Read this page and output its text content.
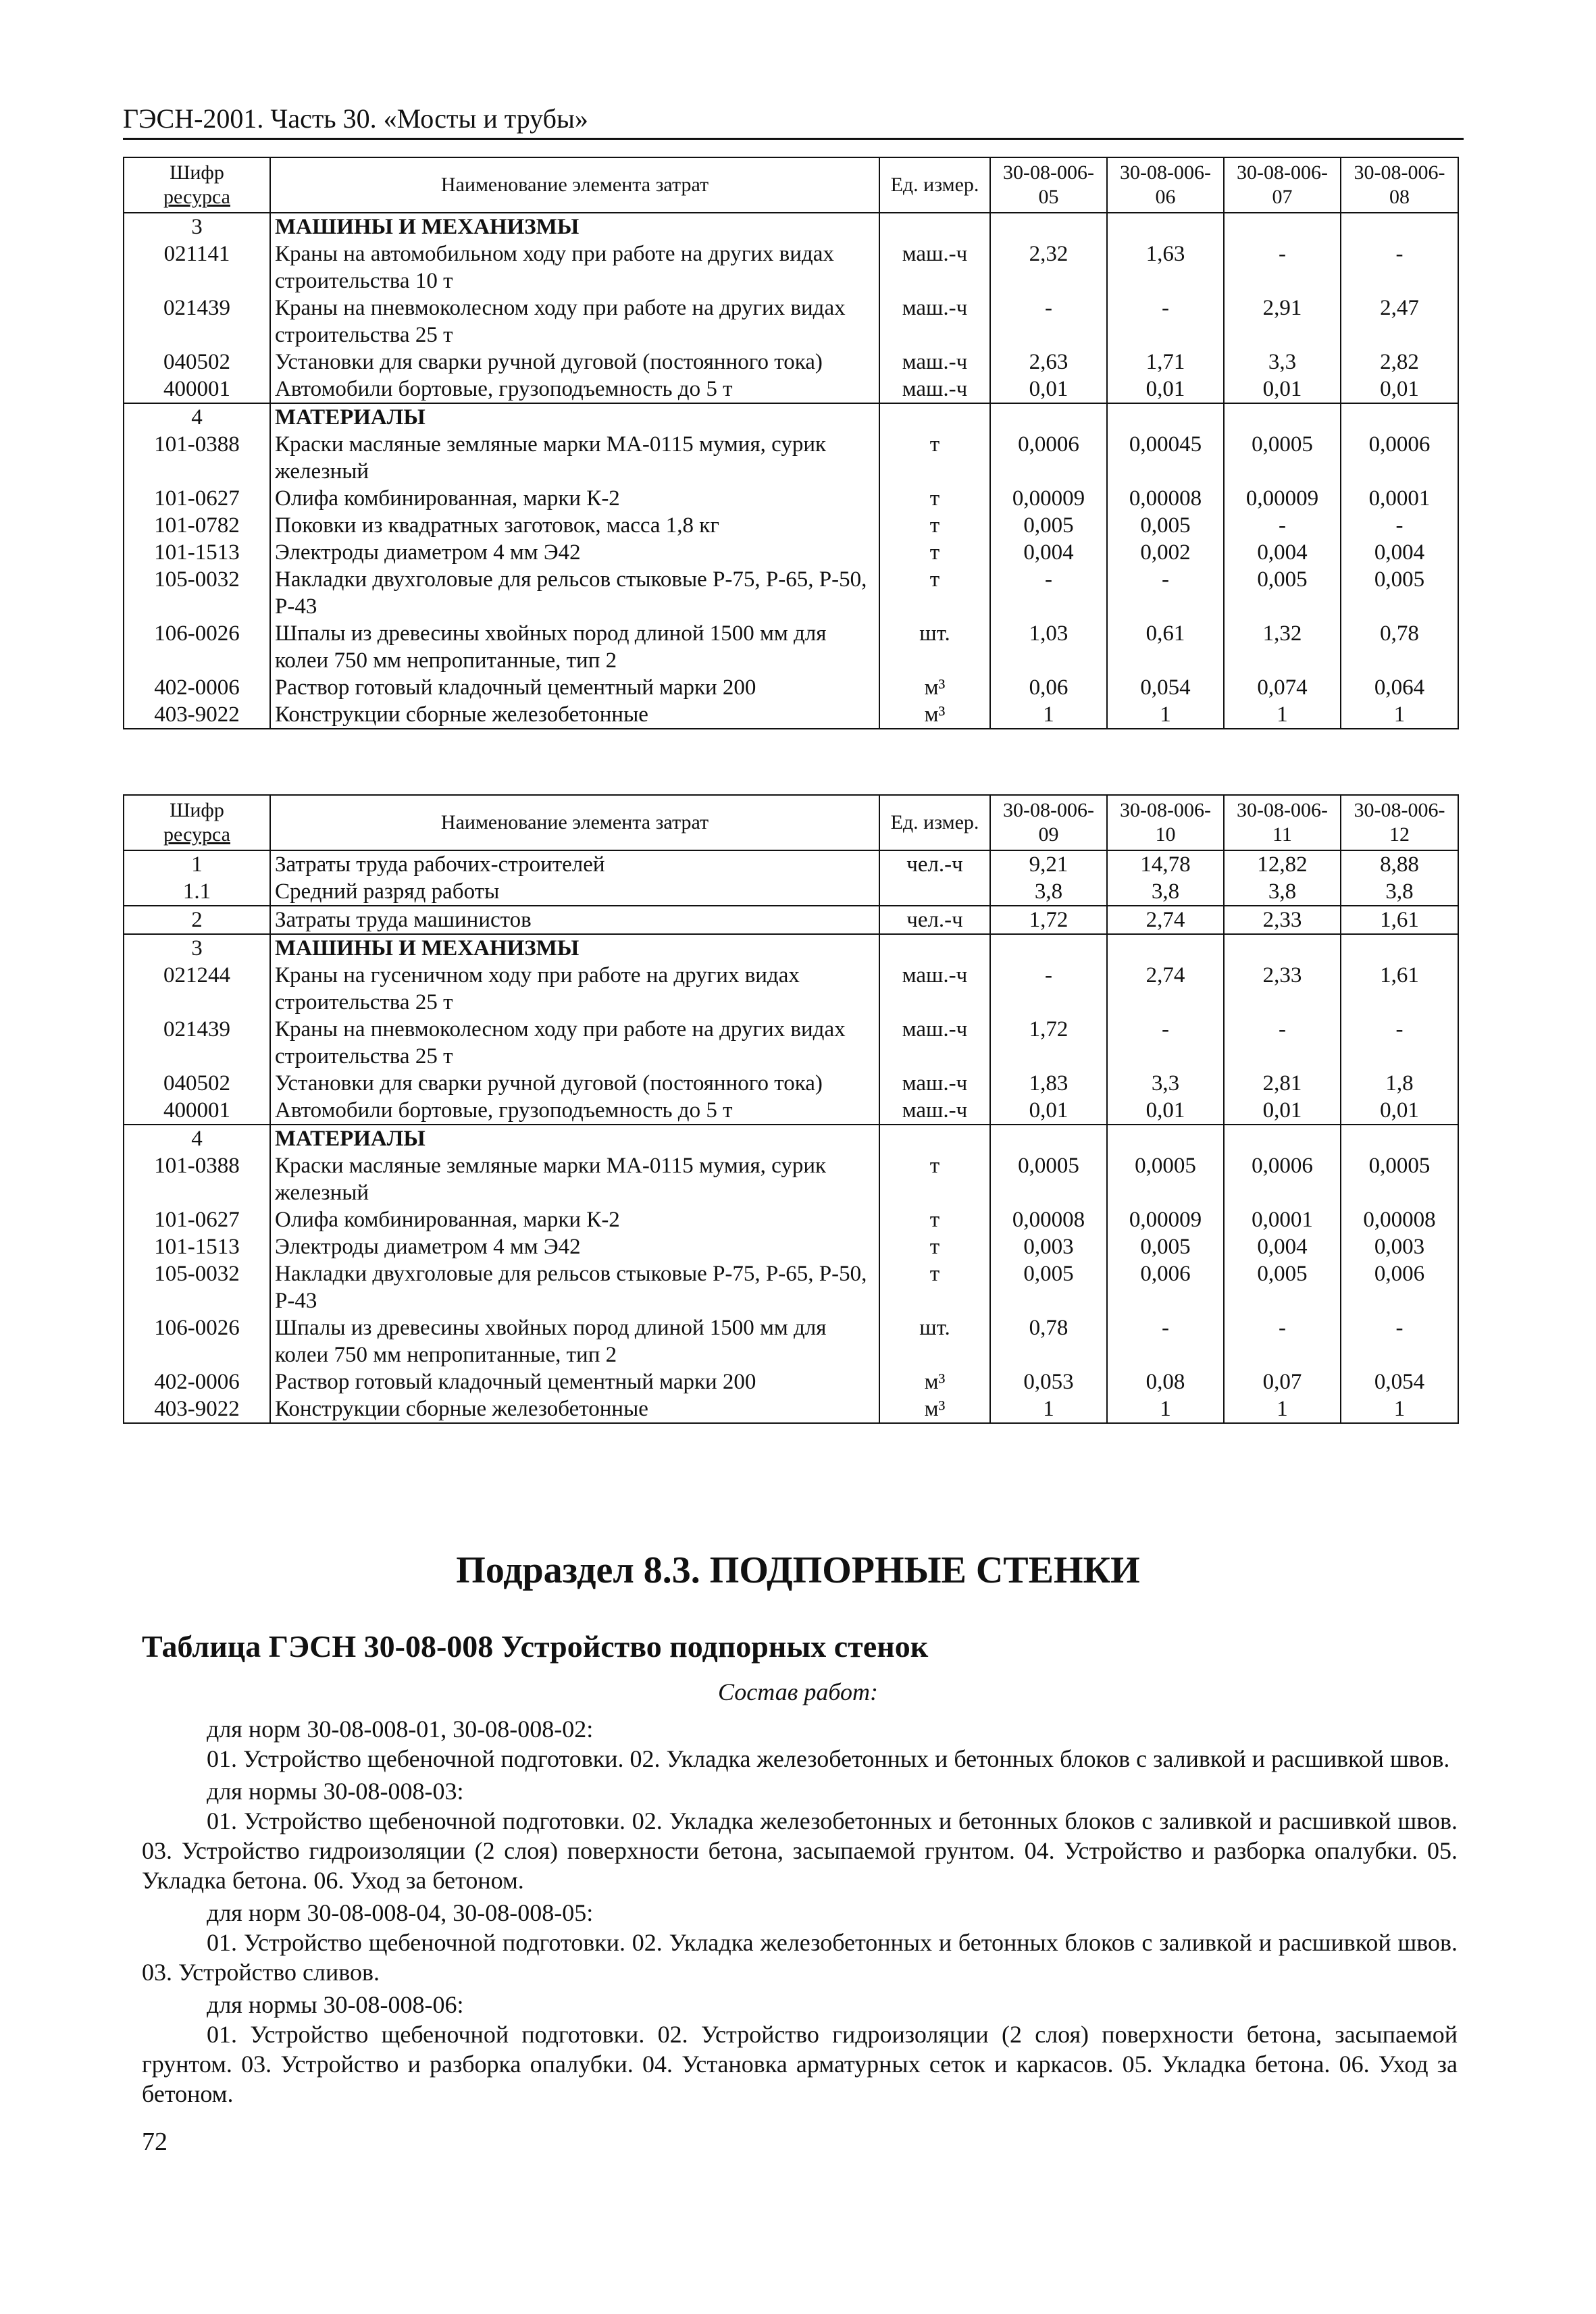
ГЭСН-2001. Часть 30. «Мосты и трубы»
Шифр
ресурса	Наименование элемента затрат	Ед. измер.	30-08-006-05	30-08-006-06	30-08-006-07	30-08-006-08
3	МАШИНЫ И МЕХАНИЗМЫ					
021141	Краны на автомобильном ходу при работе на других видах строительства 10 т	маш.-ч	2,32	1,63	-	-
021439	Краны на пневмоколесном ходу при работе на других видах строительства 25 т	маш.-ч	-	-	2,91	2,47
040502	Установки для сварки ручной дуговой (постоянного тока)	маш.-ч	2,63	1,71	3,3	2,82
400001	Автомобили бортовые, грузоподъемность до 5 т	маш.-ч	0,01	0,01	0,01	0,01
4	МАТЕРИАЛЫ					
101-0388	Краски масляные земляные марки МА-0115 мумия, сурик железный	т	0,0006	0,00045	0,0005	0,0006
101-0627	Олифа комбинированная, марки К-2	т	0,00009	0,00008	0,00009	0,0001
101-0782	Поковки из квадратных заготовок, масса 1,8 кг	т	0,005	0,005	-	-
101-1513	Электроды диаметром 4 мм Э42	т	0,004	0,002	0,004	0,004
105-0032	Накладки двухголовые для рельсов стыковые Р-75, Р-65, Р-50, Р-43	т	-	-	0,005	0,005
106-0026	Шпалы из древесины хвойных пород длиной 1500 мм для колеи 750 мм непропитанные, тип 2	шт.	1,03	0,61	1,32	0,78
402-0006	Раствор готовый кладочный цементный марки 200	м³	0,06	0,054	0,074	0,064
403-9022	Конструкции сборные железобетонные	м³	1	1	1	1
Шифр
ресурса	Наименование элемента затрат	Ед. измер.	30-08-006-09	30-08-006-10	30-08-006-11	30-08-006-12
1	Затраты труда рабочих-строителей	чел.-ч	9,21	14,78	12,82	8,88
1.1	Средний разряд работы		3,8	3,8	3,8	3,8
2	Затраты труда машинистов	чел.-ч	1,72	2,74	2,33	1,61
3	МАШИНЫ И МЕХАНИЗМЫ					
021244	Краны на гусеничном ходу при работе на других видах строительства 25 т	маш.-ч	-	2,74	2,33	1,61
021439	Краны на пневмоколесном ходу при работе на других видах строительства 25 т	маш.-ч	1,72	-	-	-
040502	Установки для сварки ручной дуговой (постоянного тока)	маш.-ч	1,83	3,3	2,81	1,8
400001	Автомобили бортовые, грузоподъемность до 5 т	маш.-ч	0,01	0,01	0,01	0,01
4	МАТЕРИАЛЫ					
101-0388	Краски масляные земляные марки МА-0115 мумия, сурик железный	т	0,0005	0,0005	0,0006	0,0005
101-0627	Олифа комбинированная, марки К-2	т	0,00008	0,00009	0,0001	0,00008
101-1513	Электроды диаметром 4 мм Э42	т	0,003	0,005	0,004	0,003
105-0032	Накладки двухголовые для рельсов стыковые Р-75, Р-65, Р-50, Р-43	т	0,005	0,006	0,005	0,006
106-0026	Шпалы из древесины хвойных пород длиной 1500 мм для колеи 750 мм непропитанные, тип 2	шт.	0,78	-	-	-
402-0006	Раствор готовый кладочный цементный марки 200	м³	0,053	0,08	0,07	0,054
403-9022	Конструкции сборные железобетонные	м³	1	1	1	1
Подраздел 8.3. ПОДПОРНЫЕ СТЕНКИ
Таблица ГЭСН 30-08-008 Устройство подпорных стенок
Состав работ:

для норм 30-08-008-01, 30-08-008-02:

01. Устройство щебеночной подготовки. 02. Укладка железобетонных и бетонных блоков с заливкой и расшивкой швов.

для нормы 30-08-008-03:

01. Устройство щебеночной подготовки. 02. Укладка железобетонных и бетонных блоков с заливкой и расшивкой швов. 03. Устройство гидроизоляции (2 слоя) поверхности бетона, засыпаемой грунтом. 04. Устройство и разборка опалубки. 05. Укладка бетона. 06. Уход за бетоном.

для норм 30-08-008-04, 30-08-008-05:

01. Устройство щебеночной подготовки. 02. Укладка железобетонных и бетонных блоков с заливкой и расшивкой швов. 03. Устройство сливов.

для нормы 30-08-008-06:

01. Устройство щебеночной подготовки. 02. Устройство гидроизоляции (2 слоя) поверхности бетона, засыпаемой грунтом. 03. Устройство и разборка опалубки. 04. Установка арматурных сеток и каркасов. 05. Укладка бетона. 06. Уход за бетоном.

72
